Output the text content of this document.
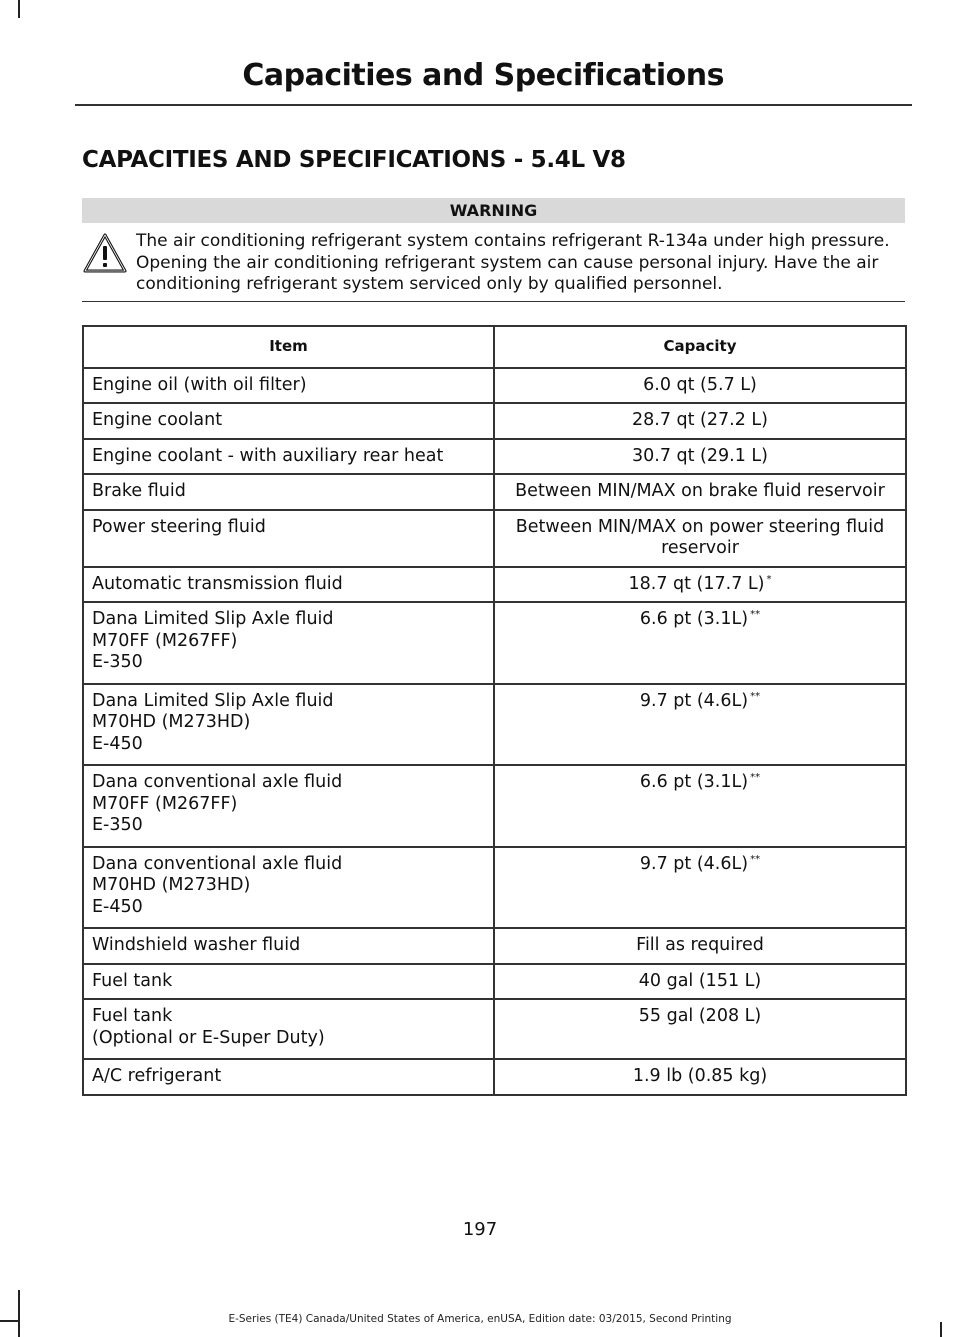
Capacities and Specifications
CAPACITIES AND SPECIFICATIONS - 5.4L V8
WARNING
The air conditioning refrigerant system contains refrigerant R-134a under high pressure. Opening the air conditioning refrigerant system can cause personal injury. Have the air conditioning refrigerant system serviced only by qualified personnel.
Item	Capacity

Engine oil (with oil filter)	6.0 qt (5.7 L)

Engine coolant	28.7 qt (27.2 L)

Engine coolant - with auxiliary rear heat	30.7 qt (29.1 L)

Brake fluid	Between MIN/MAX on brake fluid reservoir

Power steering fluid	Between MIN/MAX on power steering fluid
reservoir

Automatic transmission fluid	18.7 qt (17.7 L) *

Dana Limited Slip Axle fluid
M70FF (M267FF)
E-350	6.6 pt (3.1L) **

Dana Limited Slip Axle fluid
M70HD (M273HD)
E-450	9.7 pt (4.6L) **

Dana conventional axle fluid
M70FF (M267FF)
E-350	6.6 pt (3.1L) **

Dana conventional axle fluid
M70HD (M273HD)
E-450	9.7 pt (4.6L) **

Windshield washer fluid	Fill as required

Fuel tank	40 gal (151 L)

Fuel tank
(Optional or E-Super Duty)	55 gal (208 L)

A/C refrigerant	1.9 lb (0.85 kg)
197
E-Series (TE4) Canada/United States of America, enUSA, Edition date: 03/2015, Second Printing
